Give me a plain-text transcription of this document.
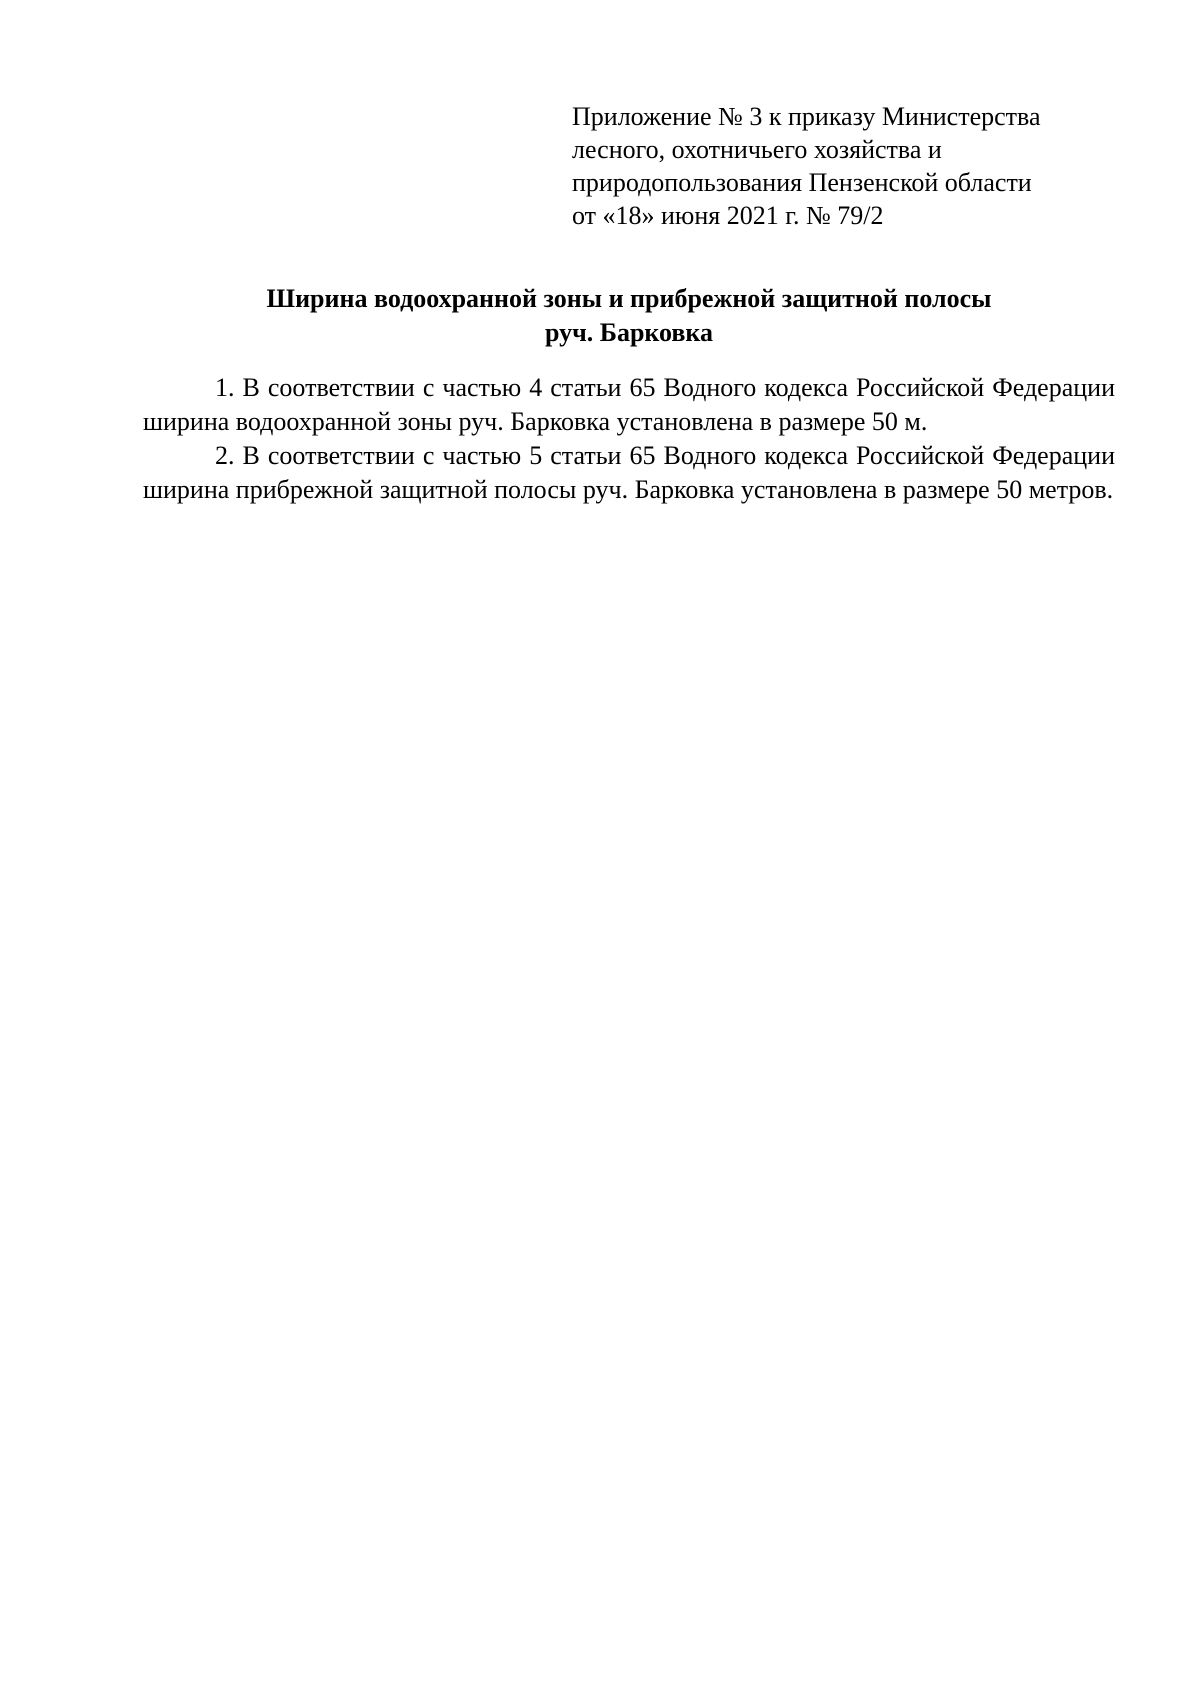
Приложение № 3 к приказу Министерства
лесного, охотничьего хозяйства и
природопользования Пензенской области
от «18» июня 2021 г. № 79/2
Ширина водоохранной зоны и прибрежной защитной полосы
руч. Барковка

1. В соответствии с частью 4 статьи 65 Водного кодекса Российской Федерации ширина водоохранной зоны руч. Барковка установлена в размере 50 м.

2. В соответствии с частью 5 статьи 65 Водного кодекса Российской Федерации ширина прибрежной защитной полосы руч. Барковка установлена в размере 50 метров.
